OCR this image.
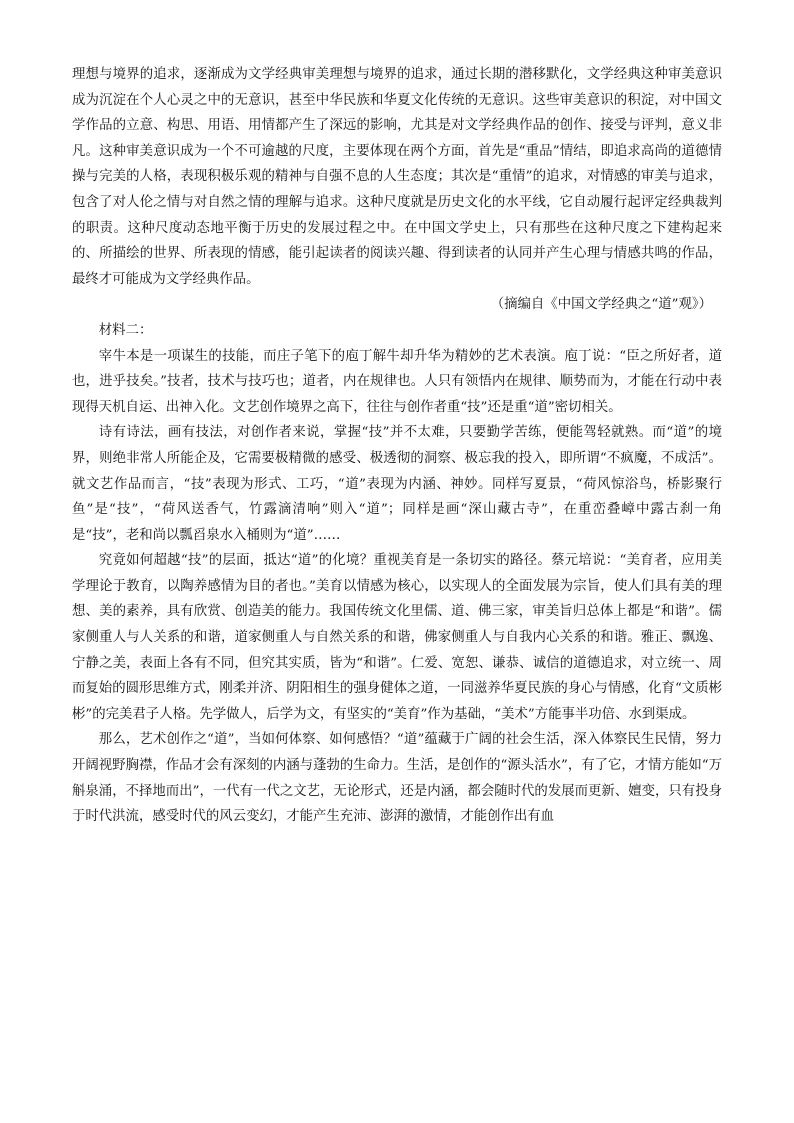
理想与境界的追求，逐渐成为文学经典审美理想与境界的追求，通过长期的潜移默化，文学经典这种审美意识成为沉淀在个人心灵之中的无意识，甚至中华民族和华夏文化传统的无意识。这些审美意识的积淀，对中国文学作品的立意、构思、用语、用情都产生了深远的影响，尤其是对文学经典作品的创作、接受与评判，意义非凡。这种审美意识成为一个不可逾越的尺度，主要体现在两个方面，首先是“重品”情结，即追求高尚的道德情操与完美的人格，表现积极乐观的精神与自强不息的人生态度；其次是“重情”的追求，对情感的审美与追求，包含了对人伦之情与对自然之情的理解与追求。这种尺度就是历史文化的水平线，它自动履行起评定经典裁判的职责。这种尺度动态地平衡于历史的发展过程之中。在中国文学史上，只有那些在这种尺度之下建构起来的、所描绘的世界、所表现的情感，能引起读者的阅读兴趣、得到读者的认同并产生心理与情感共鸣的作品，最终才可能成为文学经典作品。

（摘编自《中国文学经典之“道”观》）

材料二：

宰牛本是一项谋生的技能，而庄子笔下的庖丁解牛却升华为精妙的艺术表演。庖丁说：“臣之所好者，道也，进乎技矣。”技者，技术与技巧也；道者，内在规律也。人只有领悟内在规律、顺势而为，才能在行动中表现得天机自运、出神入化。文艺创作境界之高下，往往与创作者重“技”还是重“道”密切相关。

诗有诗法，画有技法，对创作者来说，掌握“技”并不太难，只要勤学苦练，便能驾轻就熟。而“道”的境界，则绝非常人所能企及，它需要极精微的感受、极透彻的洞察、极忘我的投入，即所谓“不疯魔，不成活”。就文艺作品而言，“技”表现为形式、工巧，“道”表现为内涵、神妙。同样写夏景，“荷风惊浴鸟，桥影聚行鱼”是“技”，“荷风送香气，竹露滴清响”则入“道”；同样是画“深山藏古寺”，在重峦叠嶂中露古刹一角是“技”，老和尚以瓢舀泉水入桶则为“道”……

究竟如何超越“技”的层面，抵达“道”的化境？重视美育是一条切实的路径。蔡元培说：“美育者，应用美学理论于教育，以陶养感情为目的者也。”美育以情感为核心，以实现人的全面发展为宗旨，使人们具有美的理想、美的素养，具有欣赏、创造美的能力。我国传统文化里儒、道、佛三家，审美旨归总体上都是“和谐”。儒家侧重人与人关系的和谐，道家侧重人与自然关系的和谐，佛家侧重人与自我内心关系的和谐。雅正、飘逸、宁静之美，表面上各有不同，但究其实质，皆为“和谐”。仁爱、宽恕、谦恭、诚信的道德追求，对立统一、周而复始的圆形思维方式，刚柔并济、阴阳相生的强身健体之道，一同滋养华夏民族的身心与情感，化育“文质彬彬”的完美君子人格。先学做人，后学为文，有坚实的“美育”作为基础，“美术”方能事半功倍、水到渠成。

那么，艺术创作之“道”，当如何体察、如何感悟？“道”蕴藏于广阔的社会生活，深入体察民生民情，努力开阔视野胸襟，作品才会有深刻的内涵与蓬勃的生命力。生活，是创作的“源头活水”，有了它，才情方能如“万斛泉涌，不择地而出”，一代有一代之文艺，无论形式，还是内涵，都会随时代的发展而更新、嬗变，只有投身于时代洪流，感受时代的风云变幻，才能产生充沛、澎湃的激情，才能创作出有血
